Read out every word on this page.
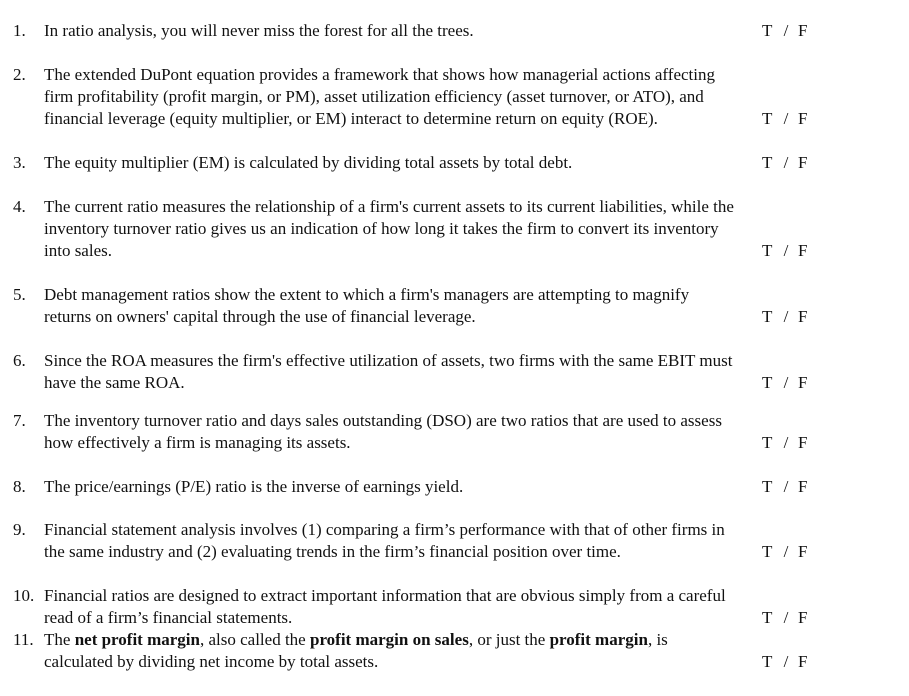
1. In ratio analysis, you will never miss the forest for all the trees.	T / F
2. The extended DuPont equation provides a framework that shows how managerial actions affecting
firm profitability (profit margin, or PM), asset utilization efficiency (asset turnover, or ATO), and
financial leverage (equity multiplier, or EM) interact to determine return on equity (ROE).	T / F
3. The equity multiplier (EM) is calculated by dividing total assets by total debt.	T / F
4. The current ratio measures the relationship of a firm's current assets to its current liabilities, while the
inventory turnover ratio gives us an indication of how long it takes the firm to convert its inventory
into sales.	T / F
5. Debt management ratios show the extent to which a firm's managers are attempting to magnify
returns on owners' capital through the use of financial leverage.	T / F
6. Since the ROA measures the firm's effective utilization of assets, two firms with the same EBIT must
have the same ROA.	T / F
7. The inventory turnover ratio and days sales outstanding (DSO) are two ratios that are used to assess
how effectively a firm is managing its assets.	T / F
8. The price/earnings (P/E) ratio is the inverse of earnings yield.	T / F
9. Financial statement analysis involves (1) comparing a firm’s performance with that of other firms in
the same industry and (2) evaluating trends in the firm’s financial position over time.	T / F
10. Financial ratios are designed to extract important information that are obvious simply from a careful
read of a firm’s financial statements.	T / F
11. The net profit margin, also called the profit margin on sales, or just the profit margin, is
calculated by dividing net income by total assets.	T / F
